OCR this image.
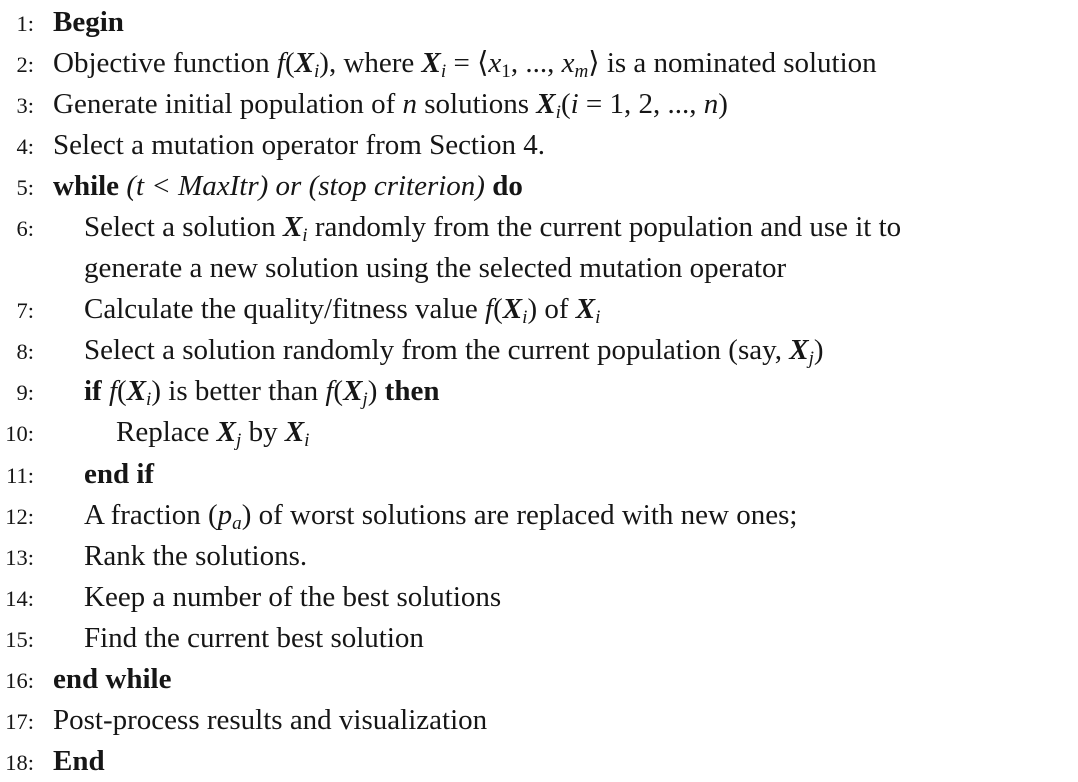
1: Begin
2: Objective function $f(X_i)$, where $X_i$ = $⟨x_1$, ..., $x_m⟩$ is a nominated solution
3: Generate initial population of n solutions $X_i(i = 1$, 2, ..., n)
4: Select a mutation operator from Section 4.
5: while (t < MaxItr) or (stop criterion) do
6: Select a solution $X_i$ randomly from the current population and use it to
generate a new solution using the selected mutation operator
7: Calculate the quality/fitness value $f(X_i)$ of $X_i$
8: Select a solution randomly from the current population (say, $X_j$)
9: if $f(X_i)$ is better than $f(X_j)$ then
10:	Replace $X_j$ by $X_i$
11: end if
12: A fraction $(p_a)$ of worst solutions are replaced with new ones;
13: Rank the solutions.
14: Keep a number of the best solutions
15: Find the current best solution
16: end while
17: Post-process results and visualization
18: End
